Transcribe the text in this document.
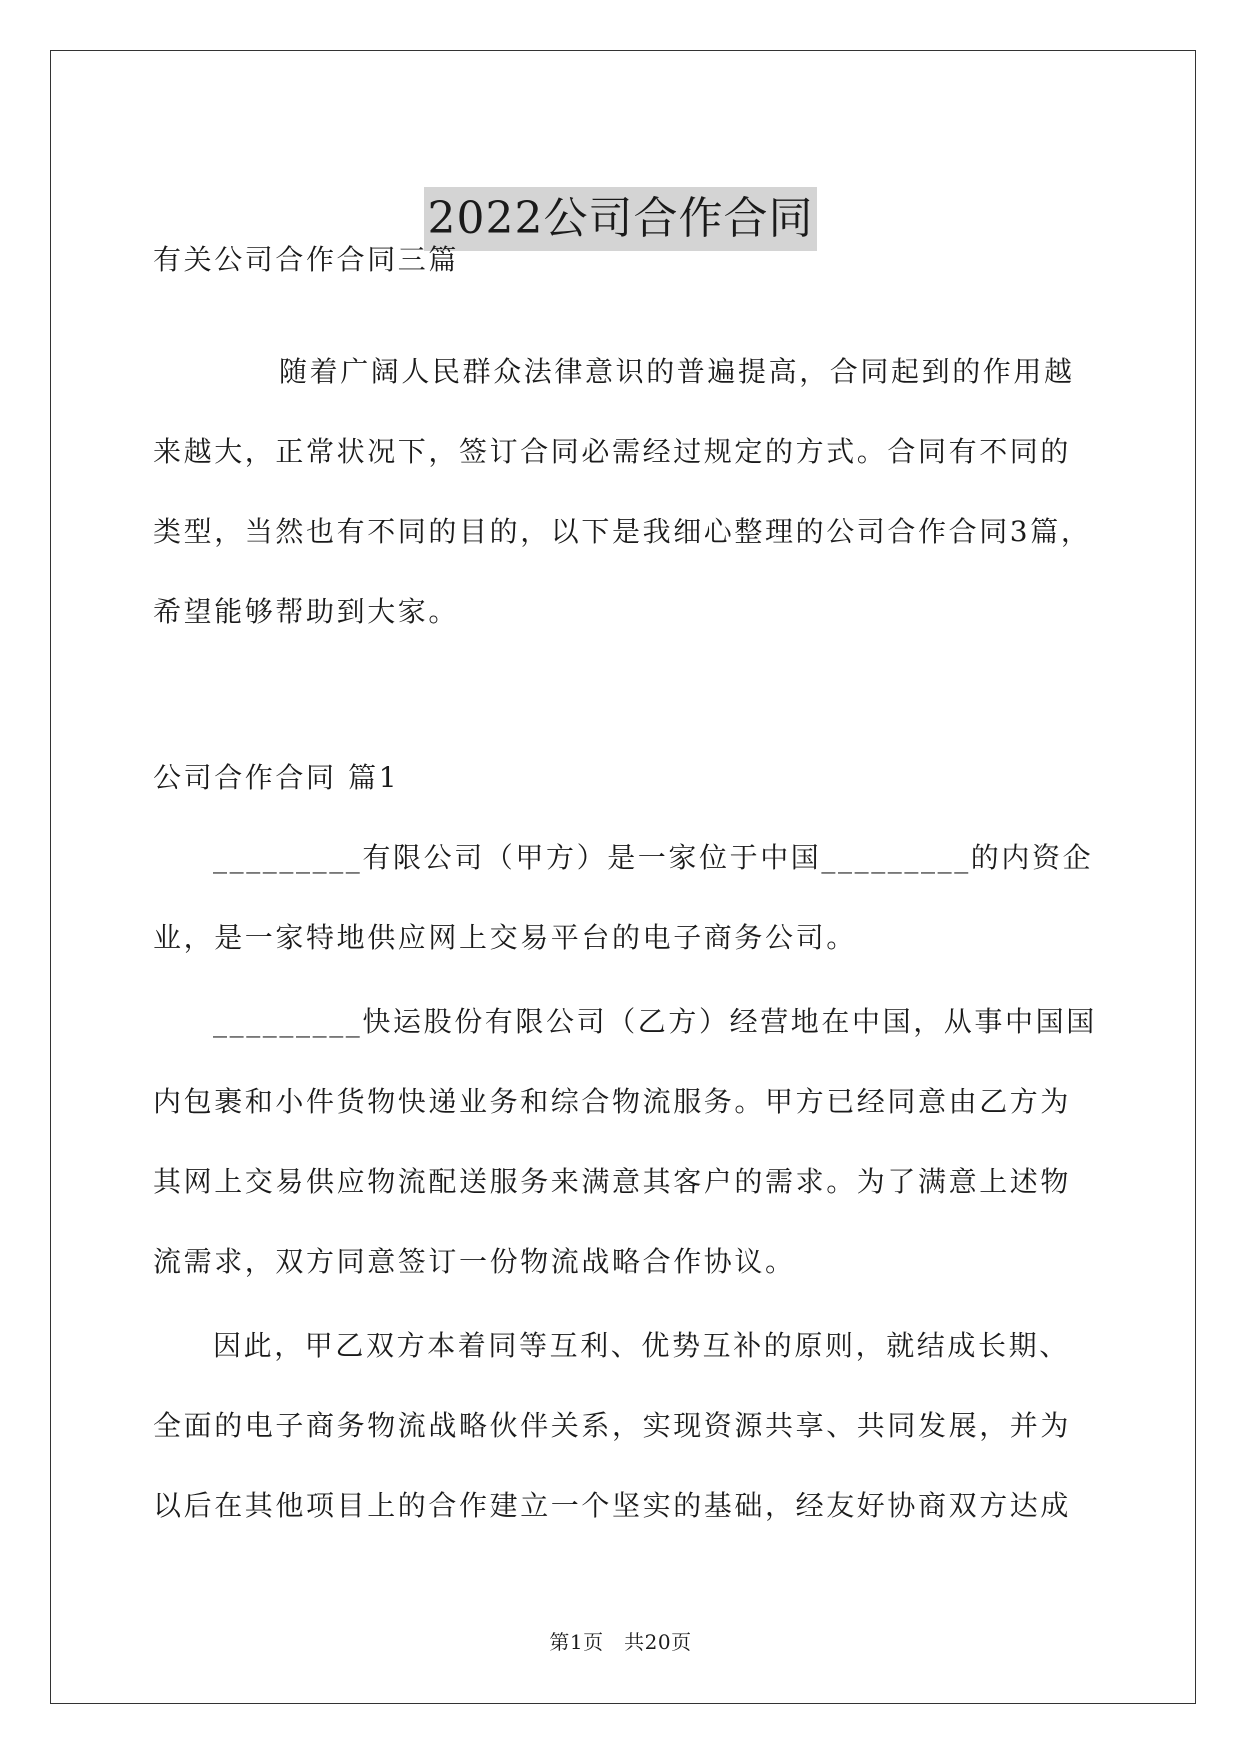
2022公司合作合同
有关公司合作合同三篇
随着广阔人民群众法律意识的普遍提高，合同起到的作用越
来越大，正常状况下，签订合同必需经过规定的方式。合同有不同的
类型，当然也有不同的目的，以下是我细心整理的公司合作合同3篇，
希望能够帮助到大家。
公司合作合同 篇1
_________有限公司（甲方）是一家位于中国_________的内资企
业，是一家特地供应网上交易平台的电子商务公司。
_________快运股份有限公司（乙方）经营地在中国，从事中国国
内包裹和小件货物快递业务和综合物流服务。甲方已经同意由乙方为
其网上交易供应物流配送服务来满意其客户的需求。为了满意上述物
流需求，双方同意签订一份物流战略合作协议。
因此，甲乙双方本着同等互利、优势互补的原则，就结成长期、
全面的电子商务物流战略伙伴关系，实现资源共享、共同发展，并为
以后在其他项目上的合作建立一个坚实的基础，经友好协商双方达成
第1页　共20页
